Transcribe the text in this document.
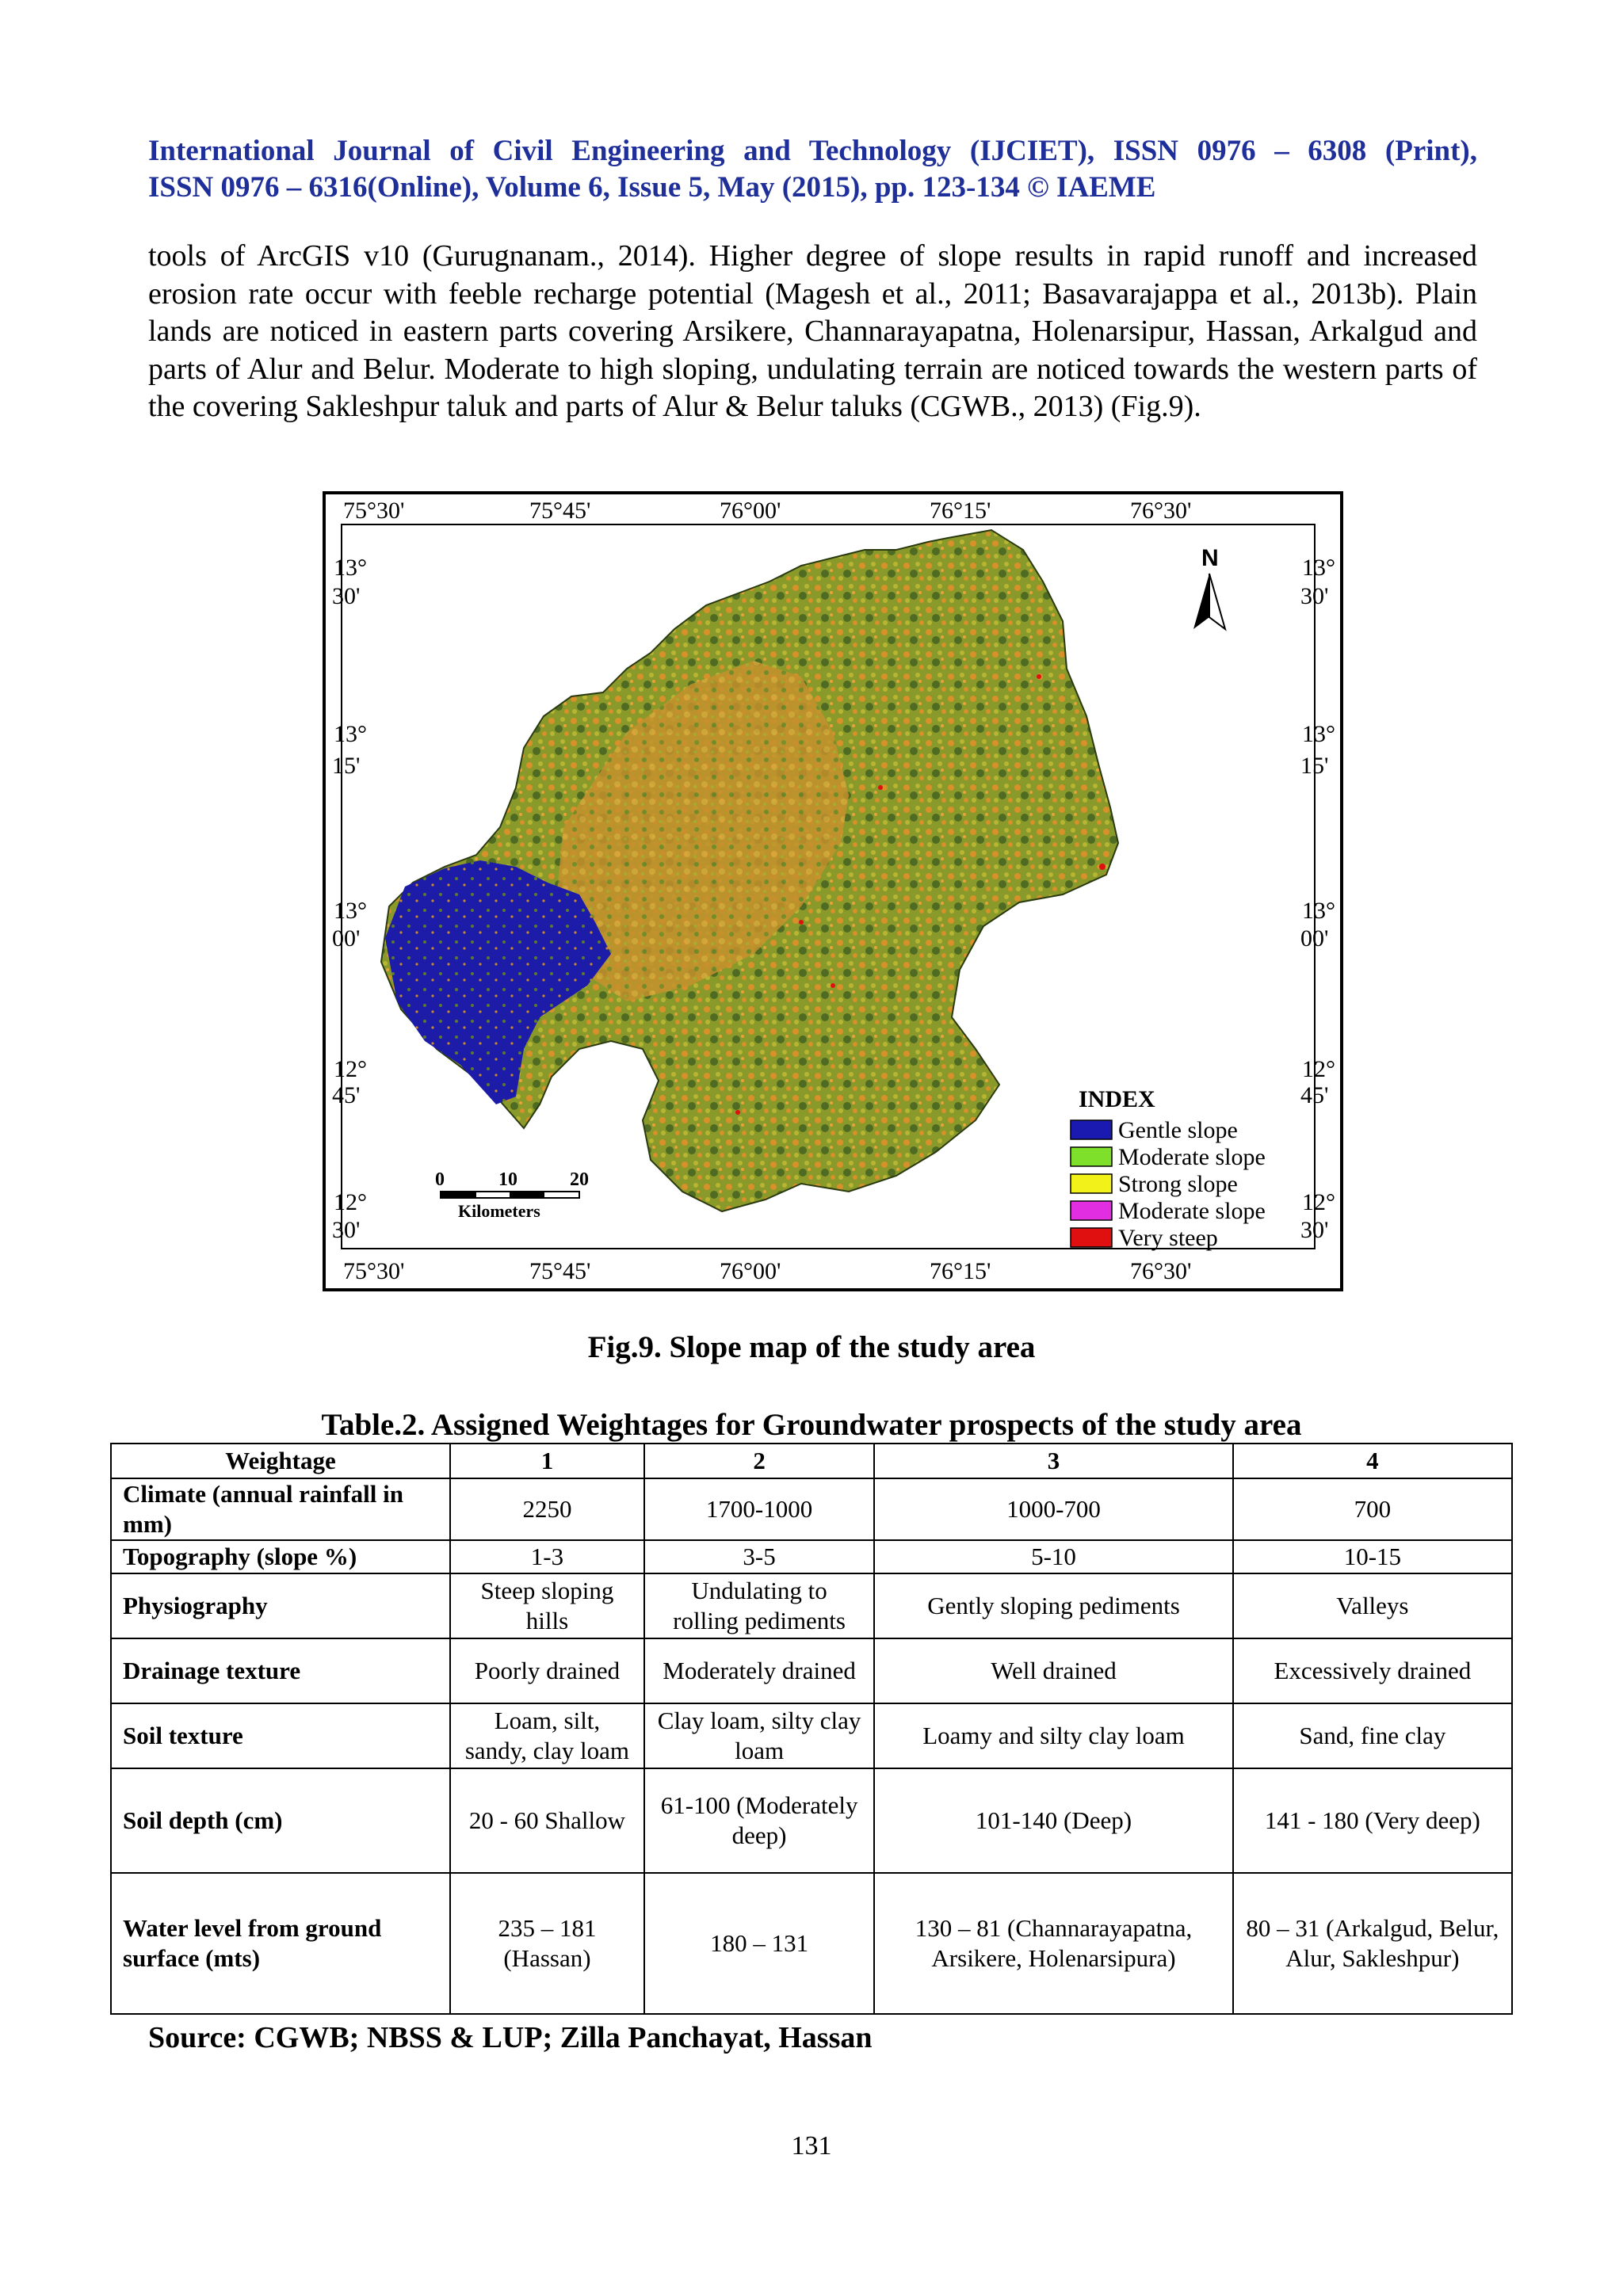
International Journal of Civil Engineering and Technology (IJCIET), ISSN 0976 – 6308 (Print),
ISSN 0976 – 6316(Online), Volume 6, Issue 5, May (2015), pp. 123-134 © IAEME

tools of ArcGIS v10 (Gurugnanam., 2014). Higher degree of slope results in rapid runoff and increased erosion rate occur with feeble recharge potential (Magesh et al., 2011; Basavarajappa et al., 2013b). Plain lands are noticed in eastern parts covering Arsikere, Channarayapatna, Holenarsipur, Hassan, Arkalgud and parts of Alur and Belur. Moderate to high sloping, undulating terrain are noticed towards the western parts of the covering Sakleshpur taluk and parts of Alur & Belur taluks (CGWB., 2013) (Fig.9).

75°30'	75°45'	76°00'	76°15'	76°30'
75°30'	75°45'	76°00'	76°15'	76°30'
13°
30'
13°
15'
13°
00'
12°
45'
12°
30'
13°
30'
13°
15'
13°
00'
12°
45'
12°
30'
N
0	10	20
Kilometers
INDEX
Gentle slope
Moderate slope
Strong slope
Moderate slope
Very steep
Fig.9. Slope map of the study area
Table.2. Assigned Weightages for Groundwater prospects of the study area
Weightage	1	2	3	4
Climate (annual rainfall in mm)	2250	1700-1000	1000-700	700
Topography (slope %)	1-3	3-5	5-10	10-15
Physiography	Steep sloping hills	Undulating to rolling pediments	Gently sloping pediments	Valleys
Drainage texture	Poorly drained	Moderately drained	Well drained	Excessively drained
Soil texture	Loam, silt, sandy, clay loam	Clay loam, silty clay loam	Loamy and silty clay loam	Sand, fine clay
Soil depth (cm)	20 - 60 Shallow	61-100 (Moderately deep)	101-140 (Deep)	141 - 180 (Very deep)
Water level from ground surface (mts)	235 – 181 (Hassan)	180 – 131	130 – 81 (Channarayapatna, Arsikere, Holenarsipura)	80 – 31 (Arkalgud, Belur, Alur, Sakleshpur)
Source: CGWB; NBSS & LUP; Zilla Panchayat, Hassan
131
